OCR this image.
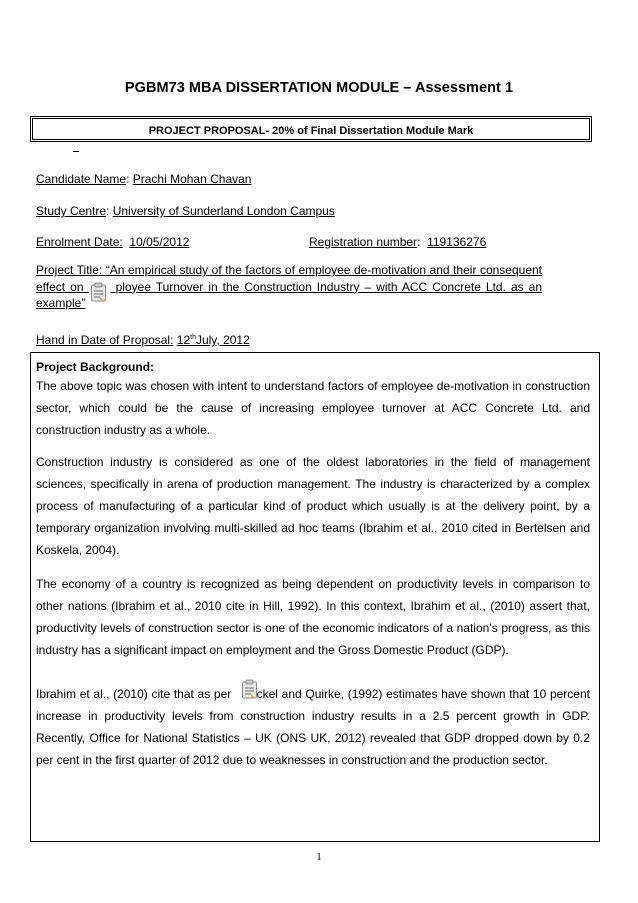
PGBM73 MBA DISSERTATION MODULE – Assessment 1
PROJECT PROPOSAL- 20% of Final Dissertation Module Mark
Candidate Name: Prachi Mohan Chavan
Study Centre: University of Sunderland London Campus
Enrolment Date: 10/05/2012	Registration number:  119136276
Project Title: “An empirical study of the factors of employee de-motivation and their consequent
effect on	ployee Turnover in the Construction Industry – with ACC Concrete Ltd. as an
example”
Hand in Date of Proposal: 12thJuly, 2012
Project Background:
The above topic was chosen with intent to understand factors of employee de-motivation in construction sector, which could be the cause of increasing employee turnover at ACC Concrete Ltd. and construction industry as a whole.
Construction industry is considered as one of the oldest laboratories in the field of management sciences, specifically in arena of production management. The industry is characterized by a complex process of manufacturing of a particular kind of product which usually is at the delivery point, by a temporary organization involving multi-skilled ad hoc teams (Ibrahim et al., 2010 cited in Bertelsen and Koskela, 2004).
The economy of a country is recognized as being dependent on productivity levels in comparison to other nations (Ibrahim et al., 2010 cite in Hill, 1992). In this context, Ibrahim et al., (2010) assert that, productivity levels of construction sector is one of the economic indicators of a nation’s progress, as this industry has a significant impact on employment and the Gross Domestic Product (GDP).
Ibrahim et al., (2010) cite that as per ckel and Quirke, (1992) estimates have shown that 10 percent increase in productivity levels from construction industry results in a 2.5 percent growth in GDP. Recently, Office for National Statistics – UK (ONS UK, 2012) revealed that GDP dropped down by 0.2 per cent in the first quarter of 2012 due to weaknesses in construction and the production sector.
1
